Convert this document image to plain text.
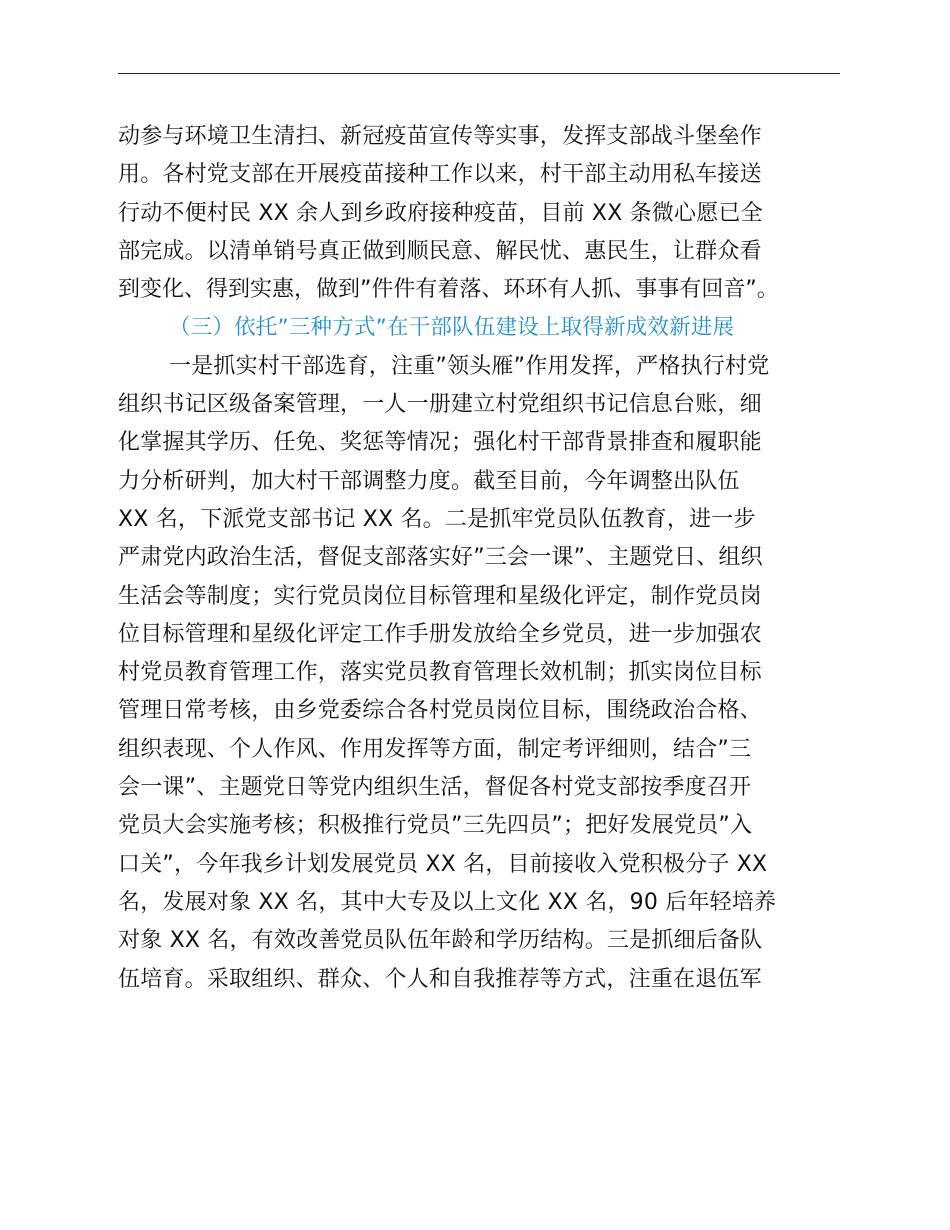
动参与环境卫生清扫、新冠疫苗宣传等实事，发挥支部战斗堡垒作
用。各村党支部在开展疫苗接种工作以来，村干部主动用私车接送
行动不便村民 XX 余人到乡政府接种疫苗，目前 XX 条微心愿已全
部完成。以清单销号真正做到顺民意、解民忧、惠民生，让群众看
到变化、得到实惠，做到”件件有着落、环环有人抓、事事有回音”。
（三）依托”三种方式”在干部队伍建设上取得新成效新进展
一是抓实村干部选育，注重”领头雁”作用发挥，严格执行村党
组织书记区级备案管理，一人一册建立村党组织书记信息台账，细
化掌握其学历、任免、奖惩等情况；强化村干部背景排查和履职能
力分析研判，加大村干部调整力度。截至目前，今年调整出队伍
XX 名，下派党支部书记 XX 名。二是抓牢党员队伍教育，进一步
严肃党内政治生活，督促支部落实好”三会一课”、主题党日、组织
生活会等制度；实行党员岗位目标管理和星级化评定，制作党员岗
位目标管理和星级化评定工作手册发放给全乡党员，进一步加强农
村党员教育管理工作，落实党员教育管理长效机制；抓实岗位目标
管理日常考核，由乡党委综合各村党员岗位目标，围绕政治合格、
组织表现、个人作风、作用发挥等方面，制定考评细则，结合”三
会一课”、主题党日等党内组织生活，督促各村党支部按季度召开
党员大会实施考核；积极推行党员”三先四员”；把好发展党员”入
口关”，今年我乡计划发展党员 XX 名，目前接收入党积极分子 XX
名，发展对象 XX 名，其中大专及以上文化 XX 名，90 后年轻培养
对象 XX 名，有效改善党员队伍年龄和学历结构。三是抓细后备队
伍培育。采取组织、群众、个人和自我推荐等方式，注重在退伍军
